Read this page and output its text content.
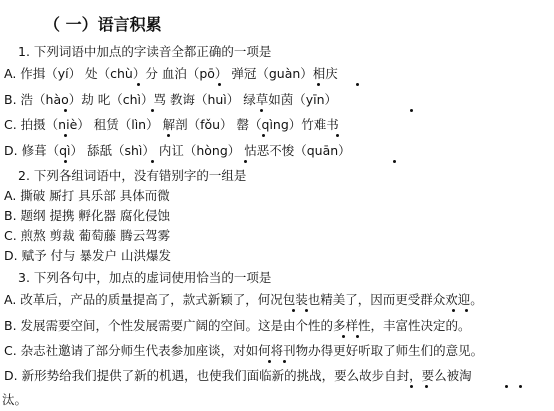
（ 一）语言积累
1. 下列词语中加点的字读音全都正确的一项是
A. 作揖（yí） 处（chù）分 血泊（pō） 弹冠（guàn）相庆
B. 浩（hào）劫 叱（chì）骂 教诲（huì） 绿草如茵（yīn）
C. 拍摄（niè） 租赁（lìn） 解剖（fǒu） 罄（qìng）竹难书
D. 修葺（qì） 舔舐（shì） 内讧（hòng） 怙恶不悛（quān）
2. 下列各组词语中，没有错别字的一组是
A. 撕破 厮打 具乐部 具体而微
B. 题纲 提携 孵化器 腐化侵蚀
C. 煎熬 剪裁 葡萄藤 腾云驾雾
D. 赋予 付与 暴发户 山洪爆发
3. 下列各句中，加点的虚词使用恰当的一项是
A. 改革后，产品的质量提高了，款式新颖了，何况包装也精美了，因而更受群众欢迎。
B. 发展需要空间，个性发展需要广阔的空间。这是由个性的多样性，丰富性决定的。
C. 杂志社邀请了部分师生代表参加座谈，对如何将刊物办得更好听取了师生们的意见。
D. 新形势给我们提供了新的机遇，也使我们面临新的挑战，要么故步自封，要么被淘
汰。
